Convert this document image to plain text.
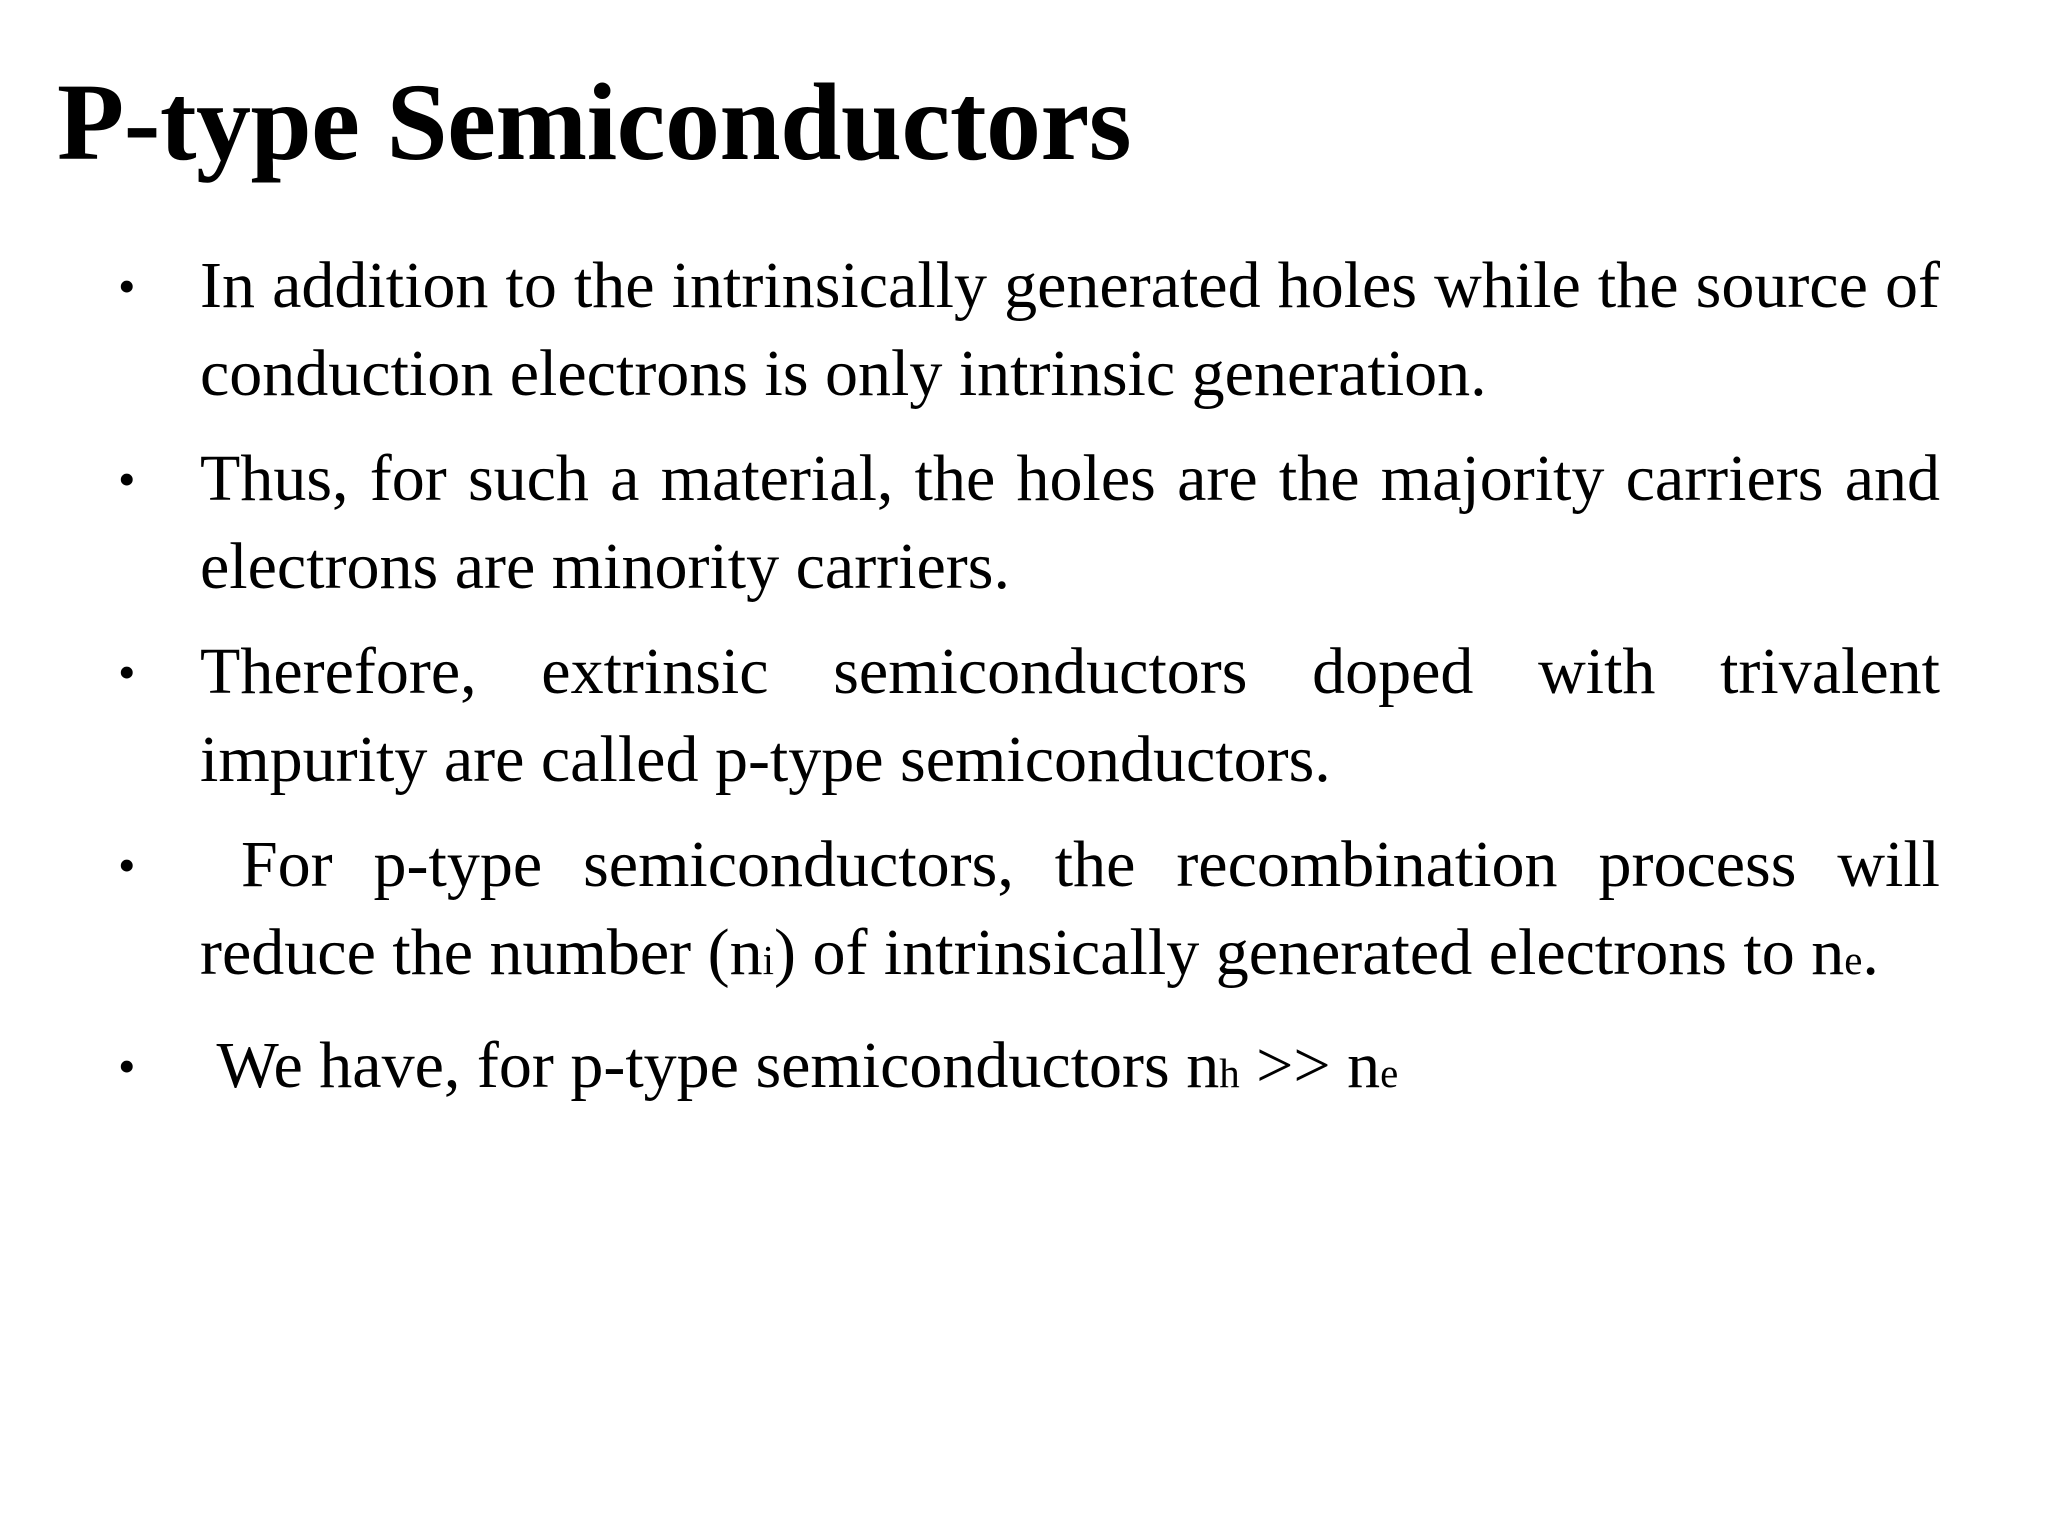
P-type Semiconductors
• In addition to the intrinsically generated holes while the source of conduction electrons is only intrinsic generation.
• Thus, for such a material, the holes are the majority carriers and electrons are minority carriers.
• Therefore, extrinsic semiconductors doped with trivalent impurity are called p-type semiconductors.
• For p-type semiconductors, the recombination process will reduce the number (ni) of intrinsically generated electrons to ne.
• We have, for p-type semiconductors nh >> ne
